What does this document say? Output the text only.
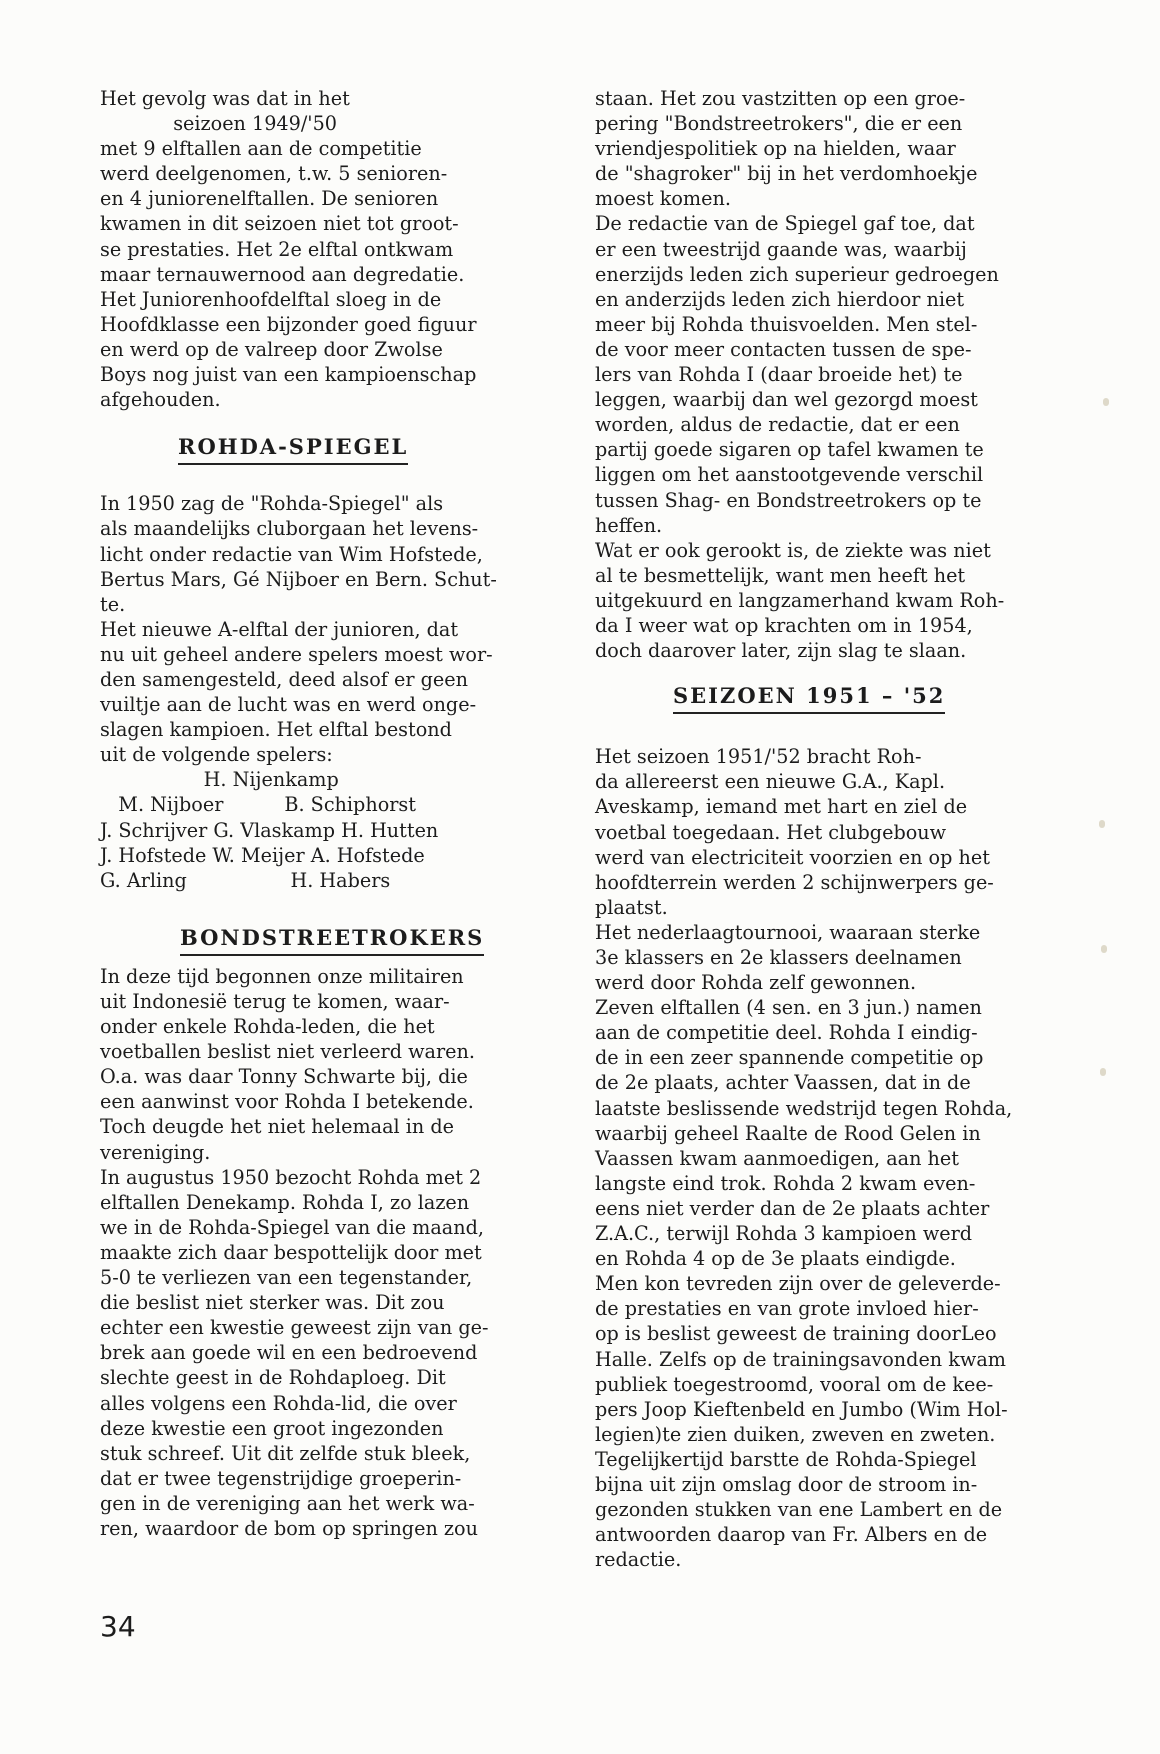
Het gevolg was dat in het
seizoen 1949/'50
met 9 elftallen aan de competitie
werd deelgenomen, t.w. 5 senioren-
en 4 juniorenelftallen. De senioren
kwamen in dit seizoen niet tot groot-
se prestaties. Het 2e elftal ontkwam
maar ternauwernood aan degredatie.
Het Juniorenhoofdelftal sloeg in de
Hoofdklasse een bijzonder goed figuur
en werd op de valreep door Zwolse
Boys nog juist van een kampioenschap
afgehouden.
ROHDA-SPIEGEL
In 1950 zag de "Rohda-Spiegel" als
als maandelijks cluborgaan het levens-
licht onder redactie van Wim Hofstede,
Bertus Mars, Gé Nijboer en Bern. Schut-
te.
Het nieuwe A-elftal der junioren, dat
nu uit geheel andere spelers moest wor-
den samengesteld, deed alsof er geen
vuiltje aan de lucht was en werd onge-
slagen kampioen. Het elftal bestond
uit de volgende spelers:
H. Nijenkamp
M. Nijboer          B. Schiphorst
J. Schrijver G. Vlaskamp H. Hutten
J. Hofstede W. Meijer A. Hofstede
G. Arling                 H. Habers
BONDSTREETROKERS
In deze tijd begonnen onze militairen
uit Indonesië terug te komen, waar-
onder enkele Rohda-leden, die het
voetballen beslist niet verleerd waren.
O.a. was daar Tonny Schwarte bij, die
een aanwinst voor Rohda I betekende.
Toch deugde het niet helemaal in de
vereniging.
In augustus 1950 bezocht Rohda met 2
elftallen Denekamp. Rohda I, zo lazen
we in de Rohda-Spiegel van die maand,
maakte zich daar bespottelijk door met
5-0 te verliezen van een tegenstander,
die beslist niet sterker was. Dit zou
echter een kwestie geweest zijn van ge-
brek aan goede wil en een bedroevend
slechte geest in de Rohdaploeg. Dit
alles volgens een Rohda-lid, die over
deze kwestie een groot ingezonden
stuk schreef. Uit dit zelfde stuk bleek,
dat er twee tegenstrijdige groeperin-
gen in de vereniging aan het werk wa-
ren, waardoor de bom op springen zou
staan. Het zou vastzitten op een groe-
pering "Bondstreetrokers", die er een
vriendjespolitiek op na hielden, waar
de "shagroker" bij in het verdomhoekje
moest komen.
De redactie van de Spiegel gaf toe, dat
er een tweestrijd gaande was, waarbij
enerzijds leden zich superieur gedroegen
en anderzijds leden zich hierdoor niet
meer bij Rohda thuisvoelden. Men stel-
de voor meer contacten tussen de spe-
lers van Rohda I (daar broeide het) te
leggen, waarbij dan wel gezorgd moest
worden, aldus de redactie, dat er een
partij goede sigaren op tafel kwamen te
liggen om het aanstootgevende verschil
tussen Shag- en Bondstreetrokers op te
heffen.
Wat er ook gerookt is, de ziekte was niet
al te besmettelijk, want men heeft het
uitgekuurd en langzamerhand kwam Roh-
da I weer wat op krachten om in 1954,
doch daarover later, zijn slag te slaan.
SEIZOEN 1951 – '52
Het seizoen 1951/'52 bracht Roh-
da allereerst een nieuwe G.A., Kapl.
Aveskamp, iemand met hart en ziel de
voetbal toegedaan. Het clubgebouw
werd van electriciteit voorzien en op het
hoofdterrein werden 2 schijnwerpers ge-
plaatst.
Het nederlaagtournooi, waaraan sterke
3e klassers en 2e klassers deelnamen
werd door Rohda zelf gewonnen.
Zeven elftallen (4 sen. en 3 jun.) namen
aan de competitie deel. Rohda I eindig-
de in een zeer spannende competitie op
de 2e plaats, achter Vaassen, dat in de
laatste beslissende wedstrijd tegen Rohda,
waarbij geheel Raalte de Rood Gelen in
Vaassen kwam aanmoedigen, aan het
langste eind trok. Rohda 2 kwam even-
eens niet verder dan de 2e plaats achter
Z.A.C., terwijl Rohda 3 kampioen werd
en Rohda 4 op de 3e plaats eindigde.
Men kon tevreden zijn over de geleverde-
de prestaties en van grote invloed hier-
op is beslist geweest de training doorLeo
Halle. Zelfs op de trainingsavonden kwam
publiek toegestroomd, vooral om de kee-
pers Joop Kieftenbeld en Jumbo (Wim Hol-
legien)te zien duiken, zweven en zweten.
Tegelijkertijd barstte de Rohda-Spiegel
bijna uit zijn omslag door de stroom in-
gezonden stukken van ene Lambert en de
antwoorden daarop van Fr. Albers en de
redactie.
34
